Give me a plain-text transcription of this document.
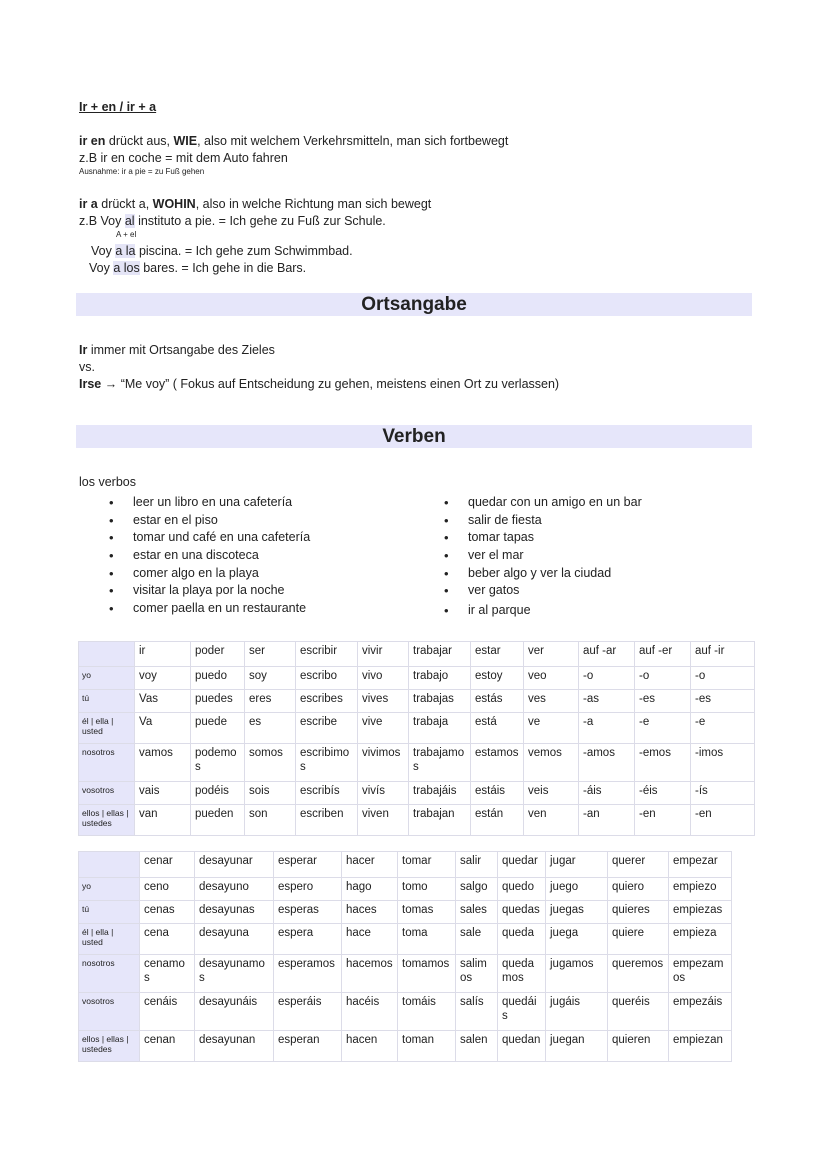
Ir + en / ir + a
ir en drückt aus, WIE, also mit welchem Verkehrsmitteln, man sich fortbewegt
z.B ir en coche = mit dem Auto fahren
Ausnahme: ir a pie = zu Fuß gehen
ir a drückt a, WOHIN, also in welche Richtung man sich bewegt
z.B Voy al instituto a pie. = Ich gehe zu Fuß zur Schule.
A + el
Voy a la piscina. = Ich gehe zum Schwimmbad.
Voy a los bares. = Ich gehe in die Bars.
Ortsangabe
Ir immer mit Ortsangabe des Zieles
vs.
Irse → “Me voy” ( Fokus auf Entscheidung zu gehen, meistens einen Ort zu verlassen)
Verben
los verbos
• leer un libro en una cafetería
• estar en el piso
• tomar und café en una cafetería
• estar en una discoteca
• comer algo en la playa
• visitar la playa por la noche
• comer paella en un restaurante
• quedar con un amigo en un bar
• salir de fiesta
• tomar tapas
• ver el mar
• beber algo y ver la ciudad
• ver gatos
• ir al parque
	ir	poder	ser	escribir	vivir	trabajar	estar	ver	auf -ar	auf -er	auf -ir
yo	voy	puedo	soy	escribo	vivo	trabajo	estoy	veo	-o	-o	-o
tú	Vas	puedes	eres	escribes	vives	trabajas	estás	ves	-as	-es	-es
él | ella | usted	Va	puede	es	escribe	vive	trabaja	está	ve	-a	-e	-e
nosotros	vamos	podemos	somos	escribimos	vivimos	trabajamos	estamos	vemos	-amos	-emos	-imos
vosotros	vais	podéis	sois	escribís	vivís	trabajáis	estáis	veis	-áis	-éis	-ís
ellos | ellas | ustedes	van	pueden	son	escriben	viven	trabajan	están	ven	-an	-en	-en
	cenar	desayunar	esperar	hacer	tomar	salir	quedar	jugar	querer	empezar
yo	ceno	desayuno	espero	hago	tomo	salgo	quedo	juego	quiero	empiezo
tú	cenas	desayunas	esperas	haces	tomas	sales	quedas	juegas	quieres	empiezas
él | ella | usted	cena	desayuna	espera	hace	toma	sale	queda	juega	quiere	empieza
nosotros	cenamos	desayunamos	esperamos	hacemos	tomamos	salimos	quedamos	jugamos	queremos	empezamos
vosotros	cenáis	desayunáis	esperáis	hacéis	tomáis	salís	quedáis	jugáis	queréis	empezáis
ellos | ellas | ustedes	cenan	desayunan	esperan	hacen	toman	salen	quedan	juegan	quieren	empiezan
